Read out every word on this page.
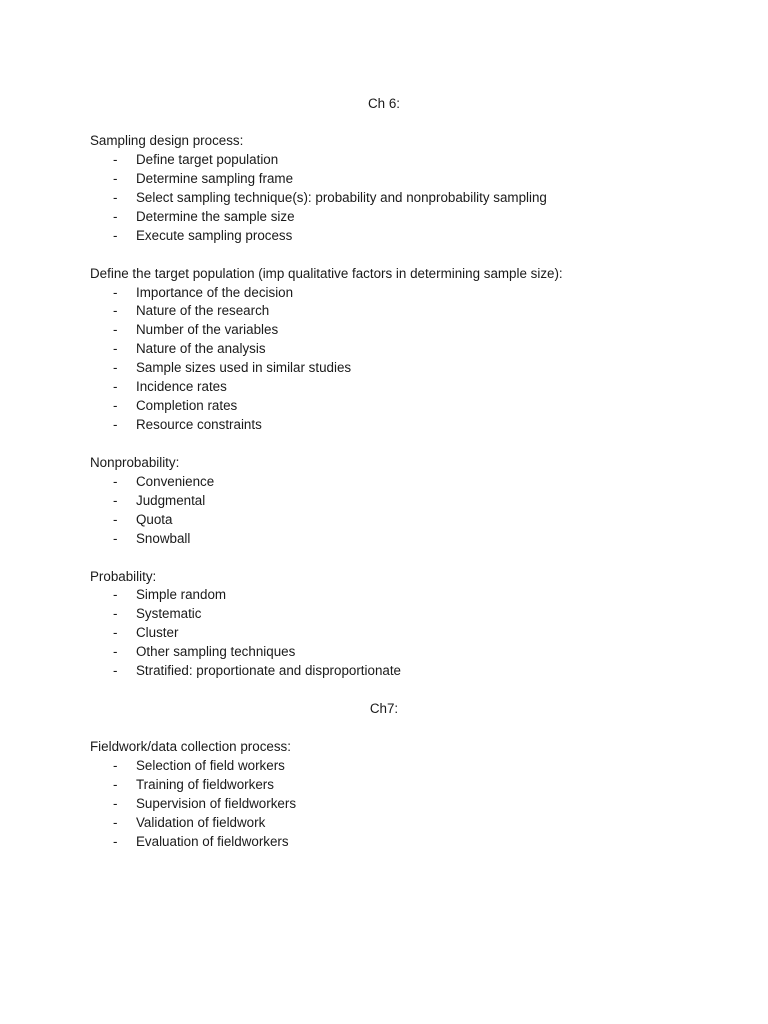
Ch 6:
Sampling design process:
- Define target population
- Determine sampling frame
- Select sampling technique(s): probability and nonprobability sampling
- Determine the sample size
- Execute sampling process
Define the target population (imp qualitative factors in determining sample size):
- Importance of the decision
- Nature of the research
- Number of the variables
- Nature of the analysis
- Sample sizes used in similar studies
- Incidence rates
- Completion rates
- Resource constraints
Nonprobability:
- Convenience
- Judgmental
- Quota
- Snowball
Probability:
- Simple random
- Systematic
- Cluster
- Other sampling techniques
- Stratified: proportionate and disproportionate
Ch7:
Fieldwork/data collection process:
- Selection of field workers
- Training of fieldworkers
- Supervision of fieldworkers
- Validation of fieldwork
- Evaluation of fieldworkers
